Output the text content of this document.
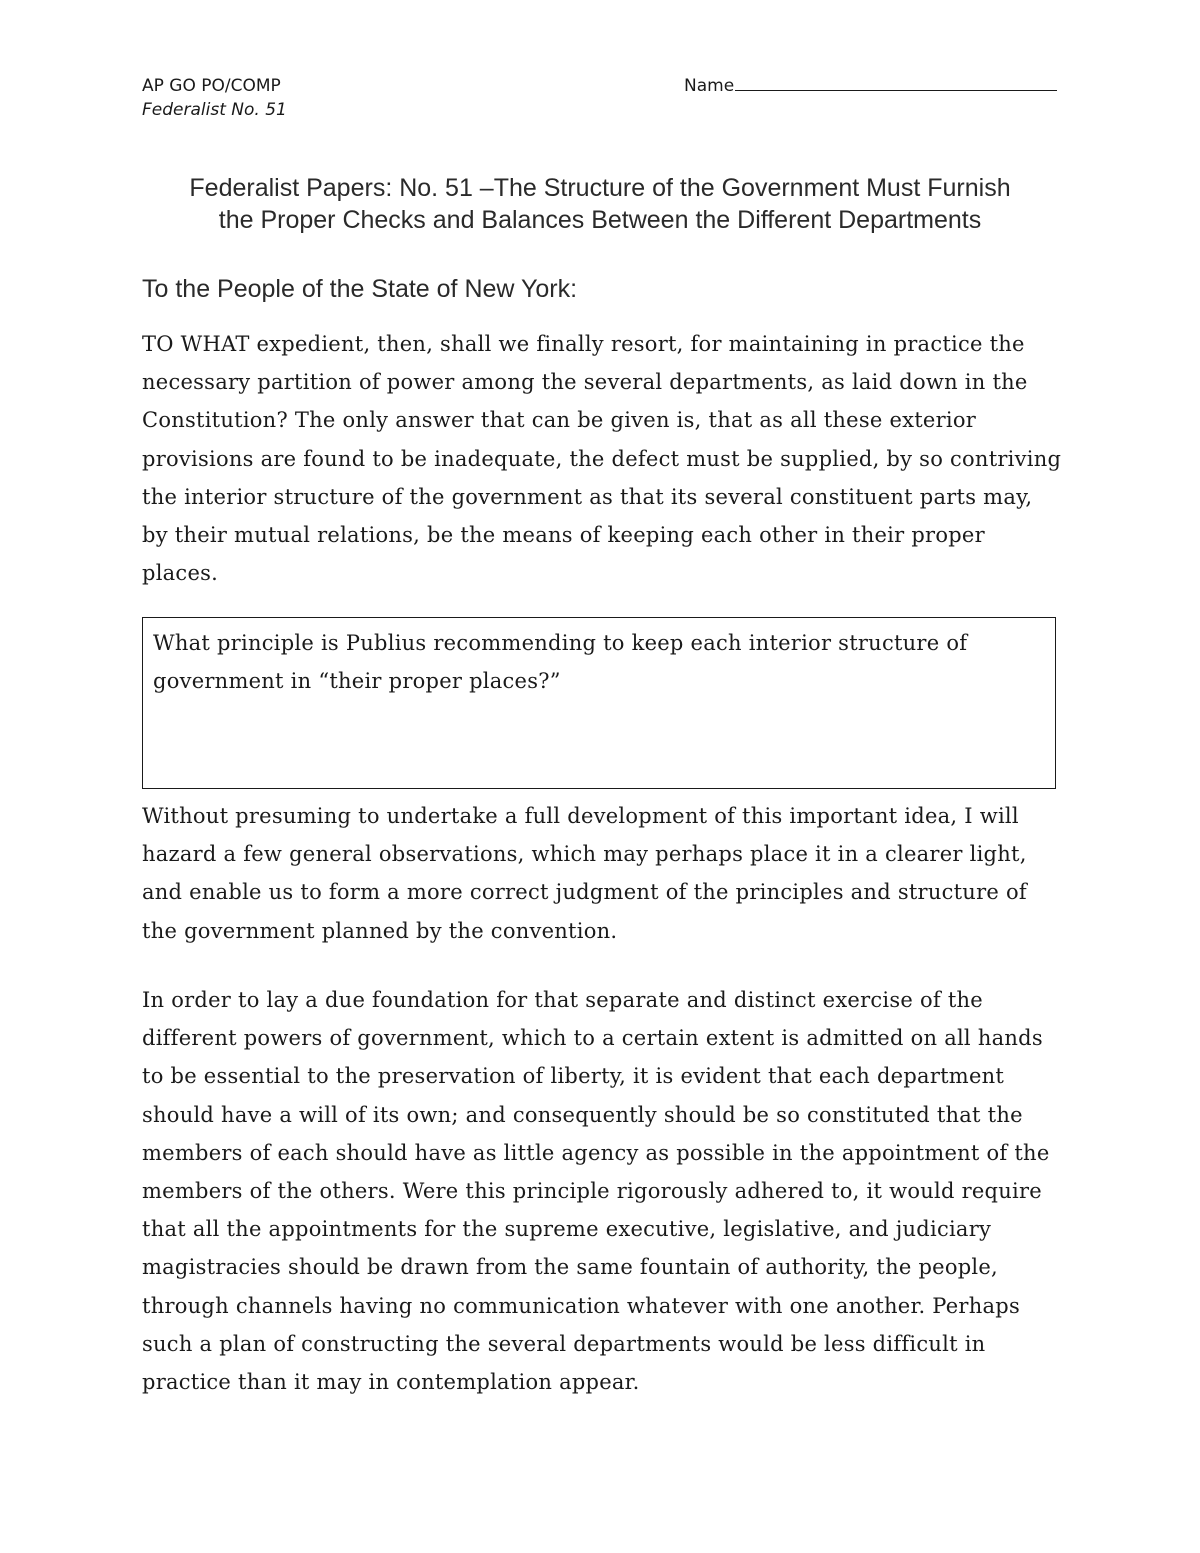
AP GO PO/COMP
Federalist No. 51
Name
Federalist Papers: No. 51 –The Structure of the Government Must Furnish
the Proper Checks and Balances Between the Different Departments

To the People of the State of New York:

TO WHAT expedient, then, shall we finally resort, for maintaining in practice the necessary partition of power among the several departments, as laid down in the Constitution? The only answer that can be given is, that as all these exterior provisions are found to be inadequate, the defect must be supplied, by so contriving the interior structure of the government as that its several constituent parts may, by their mutual relations, be the means of keeping each other in their proper places.

What principle is Publius recommending to keep each interior structure of government in “their proper places?”

Without presuming to undertake a full development of this important idea, I will hazard a few general observations, which may perhaps place it in a clearer light, and enable us to form a more correct judgment of the principles and structure of the government planned by the convention.

In order to lay a due foundation for that separate and distinct exercise of the different powers of government, which to a certain extent is admitted on all hands to be essential to the preservation of liberty, it is evident that each department should have a will of its own; and consequently should be so constituted that the members of each should have as little agency as possible in the appointment of the members of the others. Were this principle rigorously adhered to, it would require that all the appointments for the supreme executive, legislative, and judiciary magistracies should be drawn from the same fountain of authority, the people, through channels having no communication whatever with one another. Perhaps such a plan of constructing the several departments would be less difficult in practice than it may in contemplation appear.
